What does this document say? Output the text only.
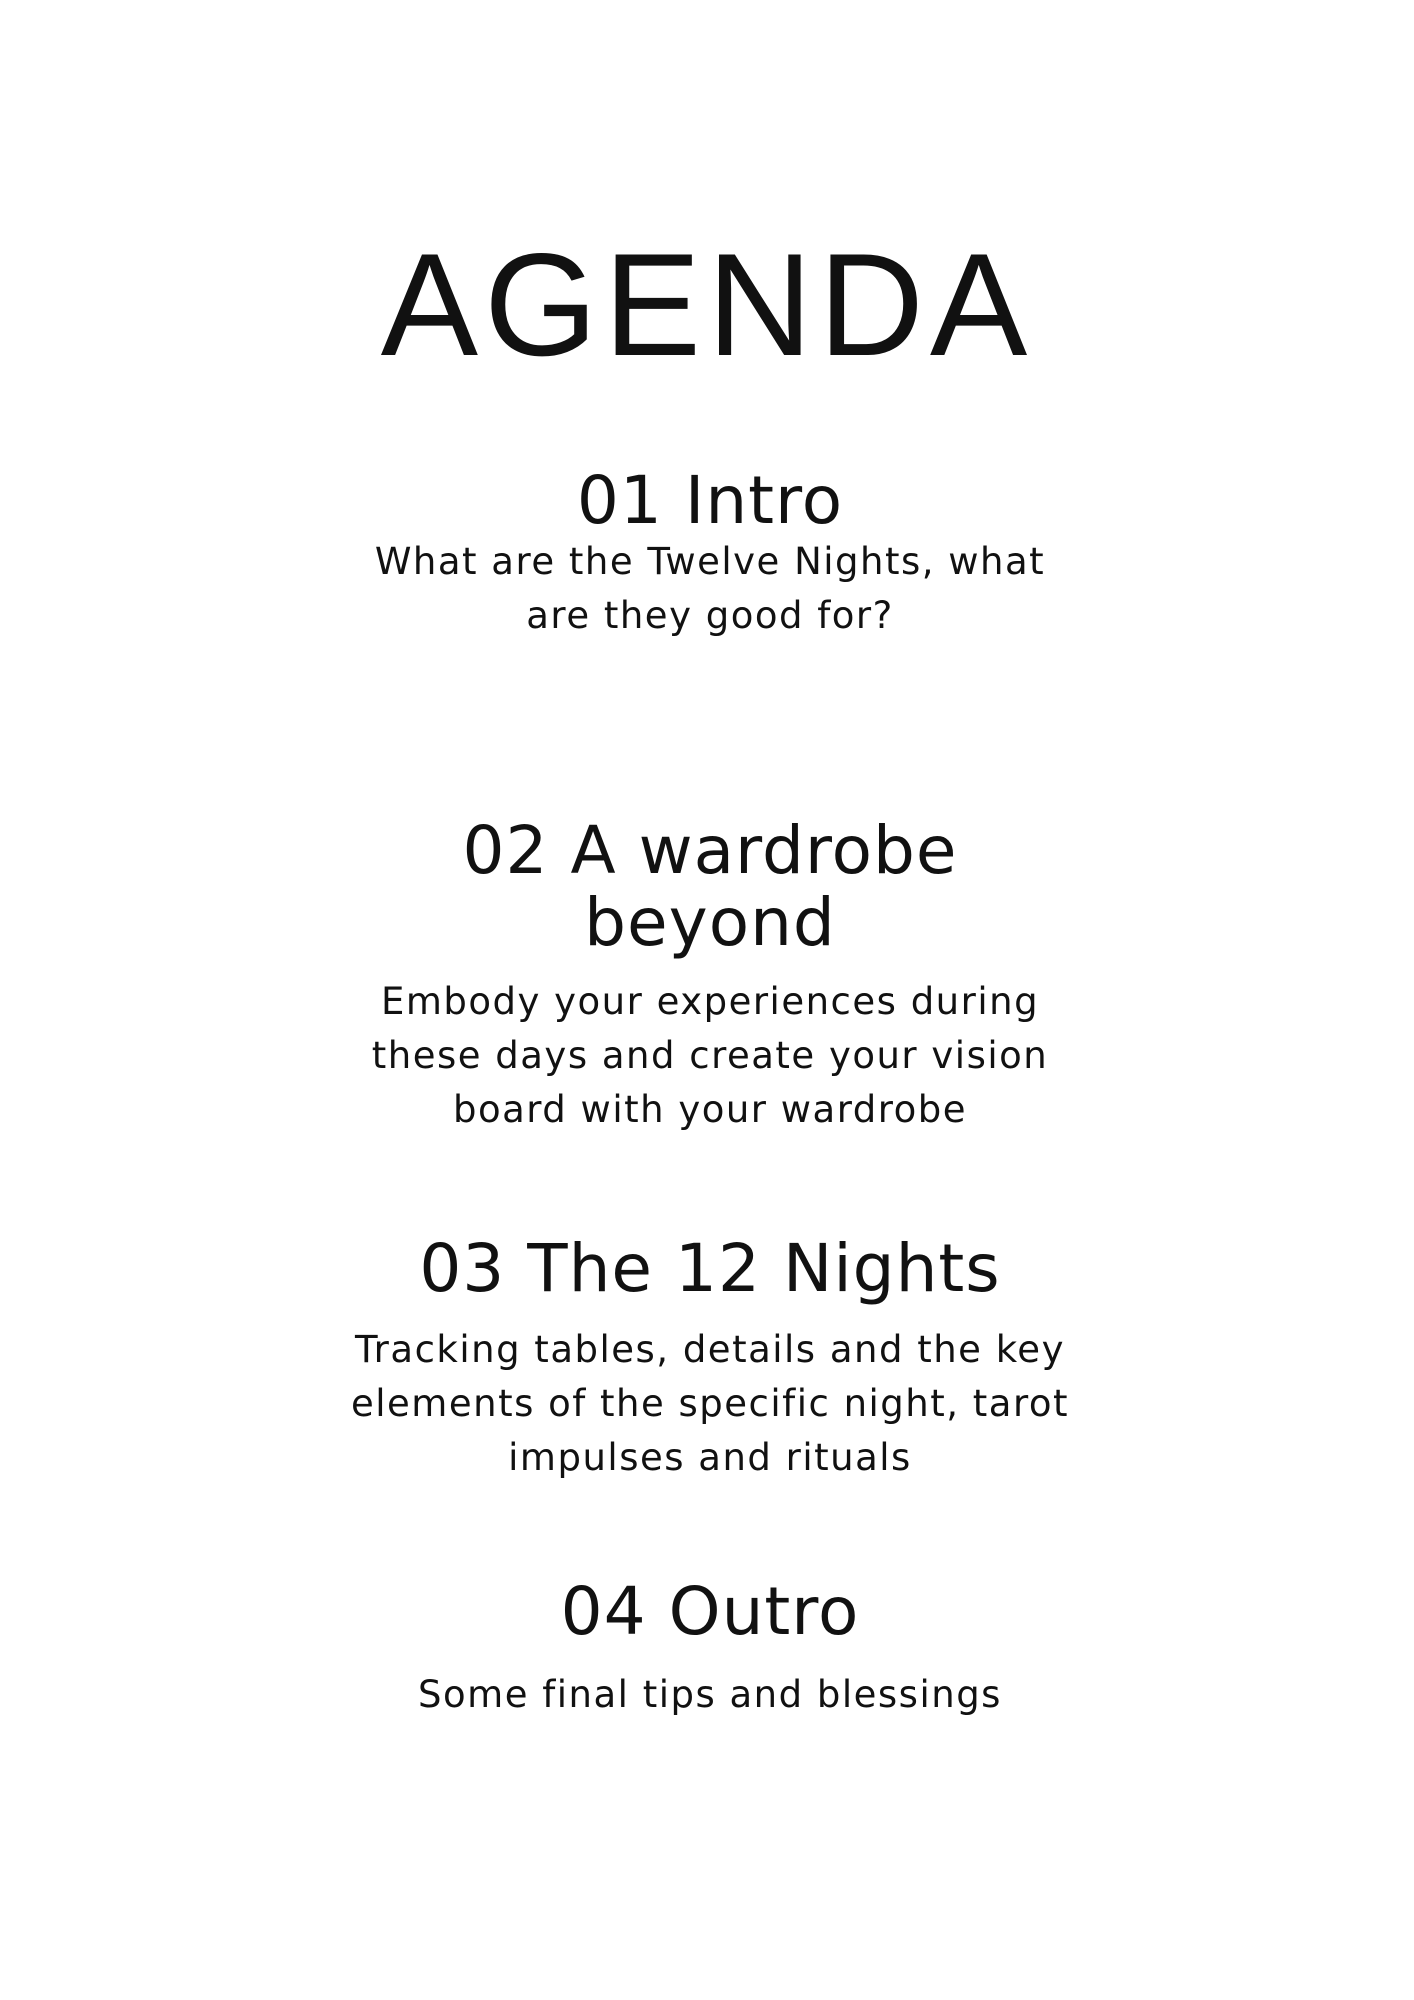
AGENDA
01 Intro

What are the Twelve Nights, what are they good for?

02 A wardrobe beyond

Embody your experiences during these days and create your vision board with your wardrobe

03 The 12 Nights

Tracking tables, details and the key elements of the specific night, tarot impulses and rituals

04 Outro

Some final tips and blessings
